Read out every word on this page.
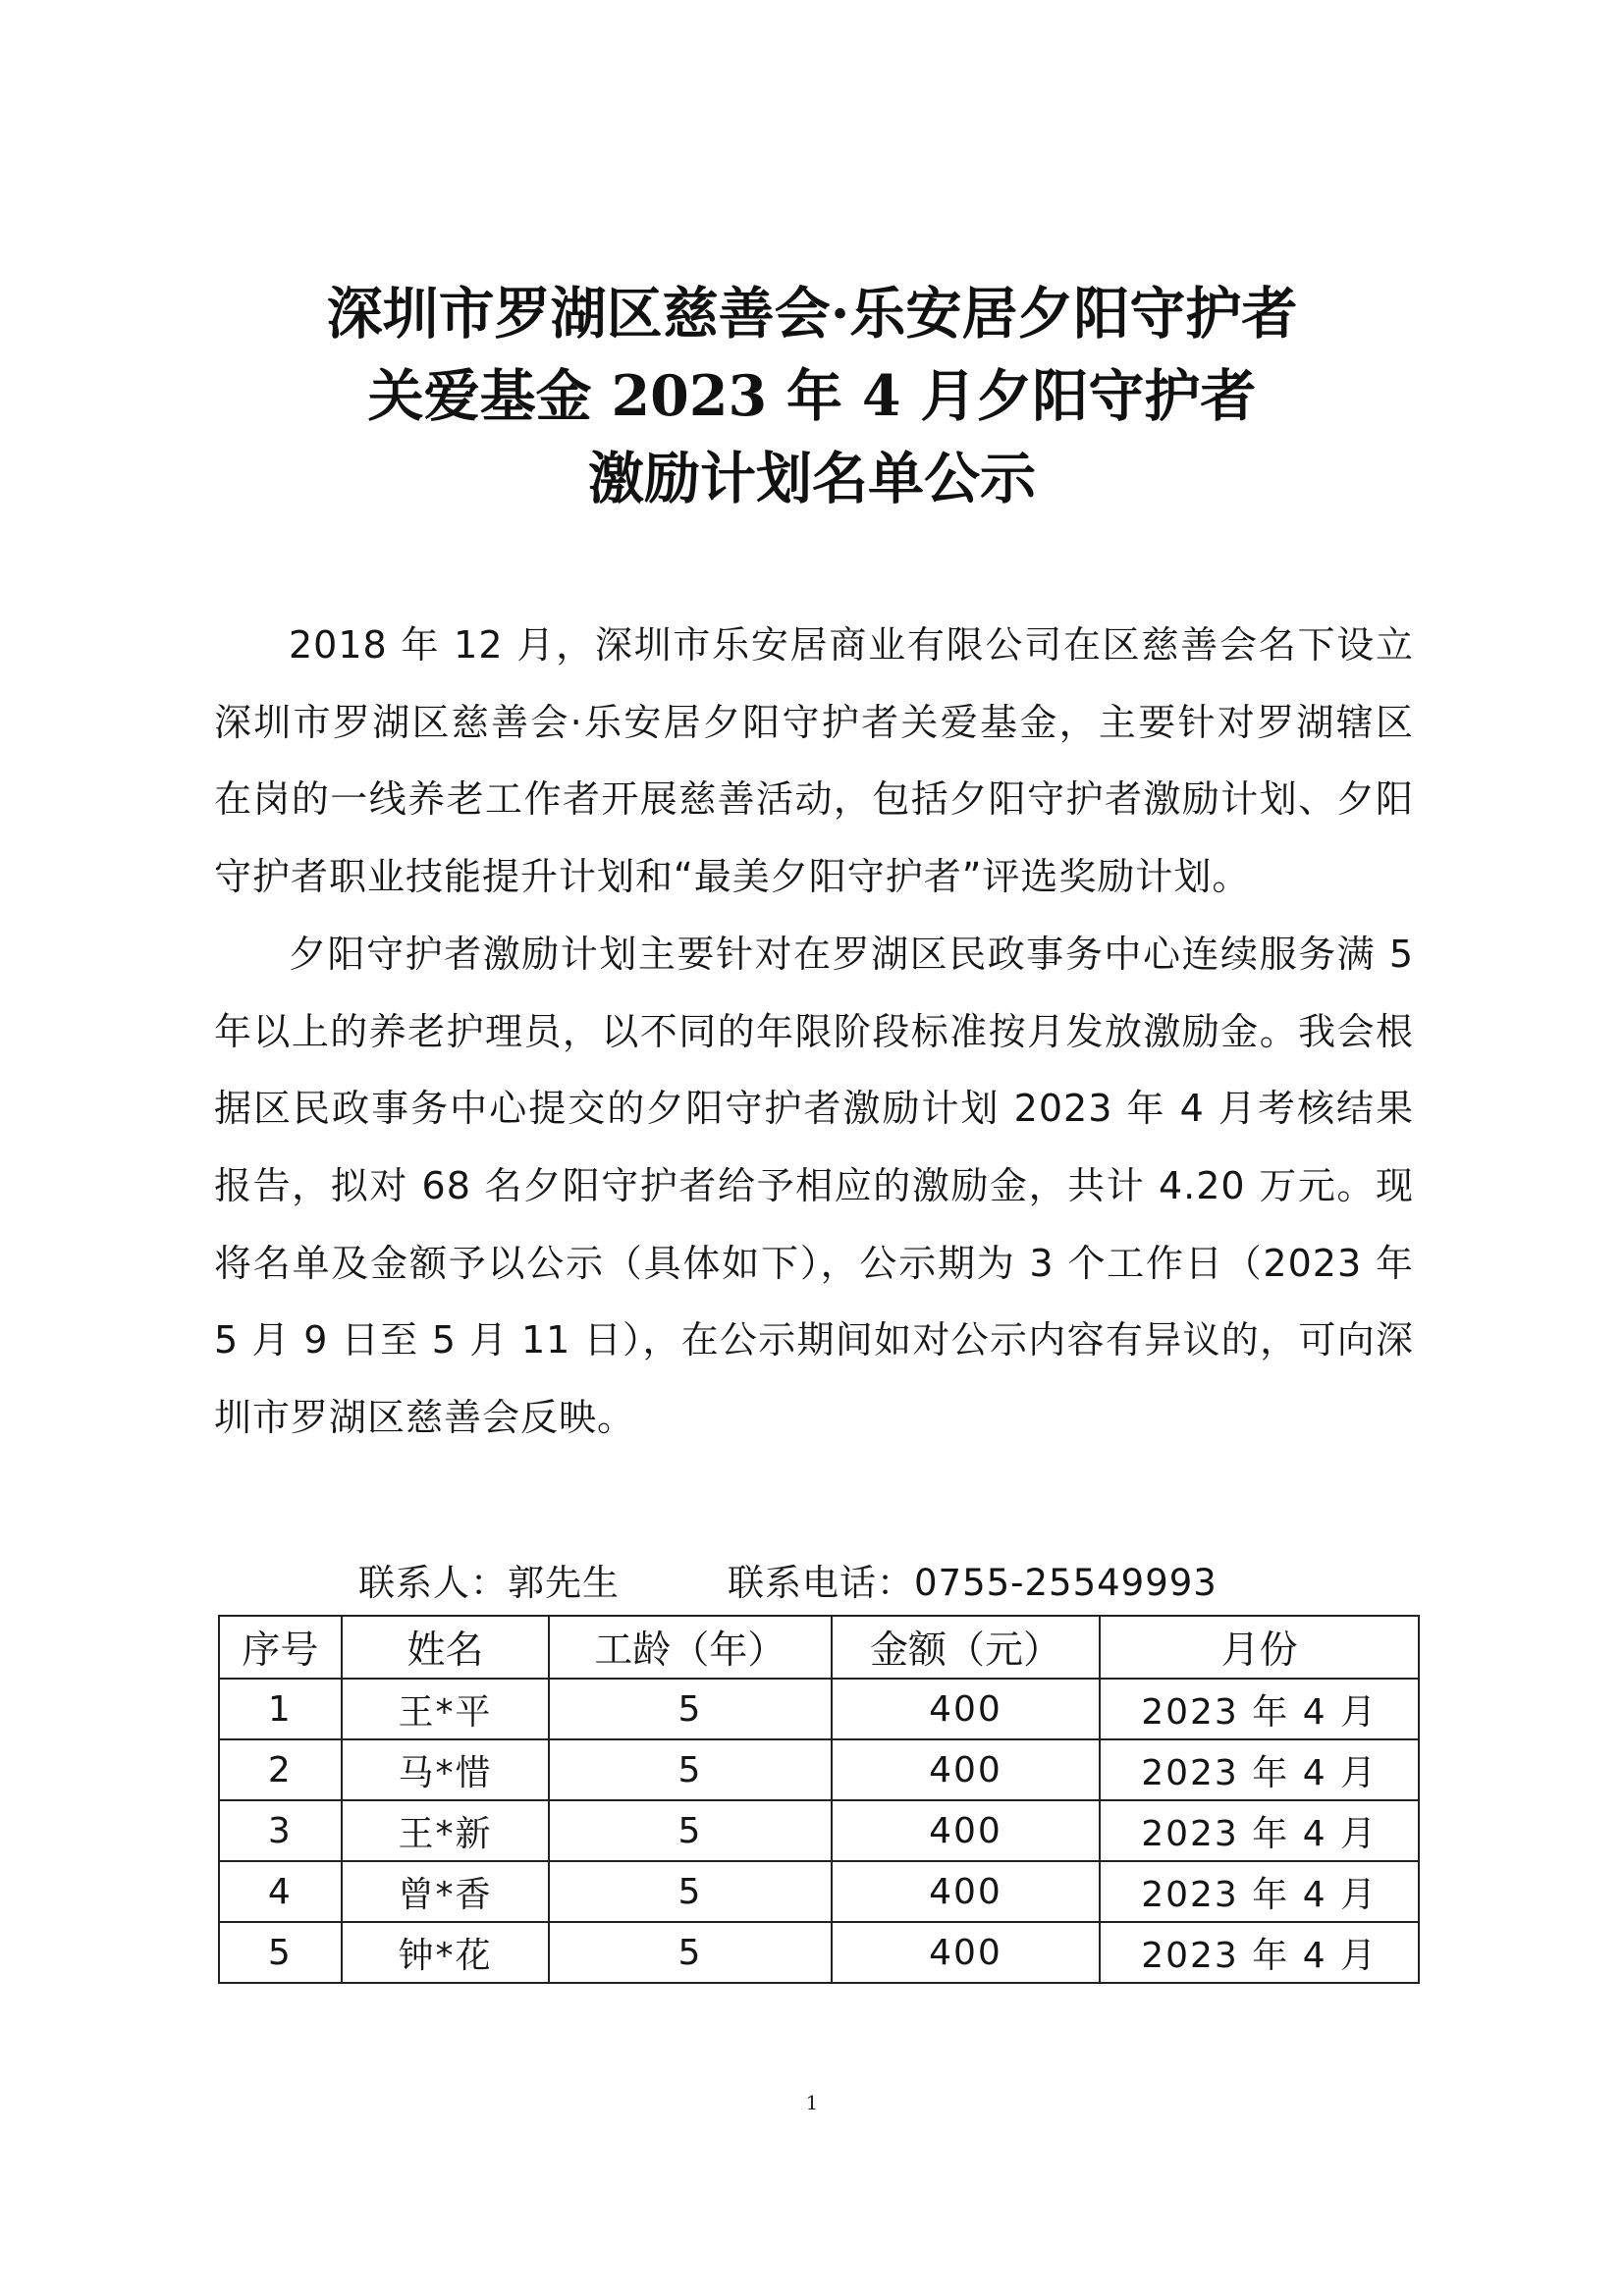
深圳市罗湖区慈善会·乐安居夕阳守护者
关爱基金 2023 年 4 月夕阳守护者
激励计划名单公示

2018 年 12 月，深圳市乐安居商业有限公司在区慈善会名下设立深圳市罗湖区慈善会·乐安居夕阳守护者关爱基金，主要针对罗湖辖区在岗的一线养老工作者开展慈善活动，包括夕阳守护者激励计划、夕阳守护者职业技能提升计划和“最美夕阳守护者”评选奖励计划。

夕阳守护者激励计划主要针对在罗湖区民政事务中心连续服务满 5 年以上的养老护理员，以不同的年限阶段标准按月发放激励金。我会根据区民政事务中心提交的夕阳守护者激励计划 2023 年 4 月考核结果报告，拟对 68 名夕阳守护者给予相应的激励金，共计 4.20 万元。现将名单及金额予以公示（具体如下），公示期为 3 个工作日（2023 年 5 月 9 日至 5 月 11 日），在公示期间如对公示内容有异议的，可向深圳市罗湖区慈善会反映。

联系人：郭先生	联系电话：0755-25549993
序号	姓名	工龄（年）	金额（元）	月份
1	王*平	5	400	2023 年 4 月
2	马*惜	5	400	2023 年 4 月
3	王*新	5	400	2023 年 4 月
4	曾*香	5	400	2023 年 4 月
5	钟*花	5	400	2023 年 4 月
1
